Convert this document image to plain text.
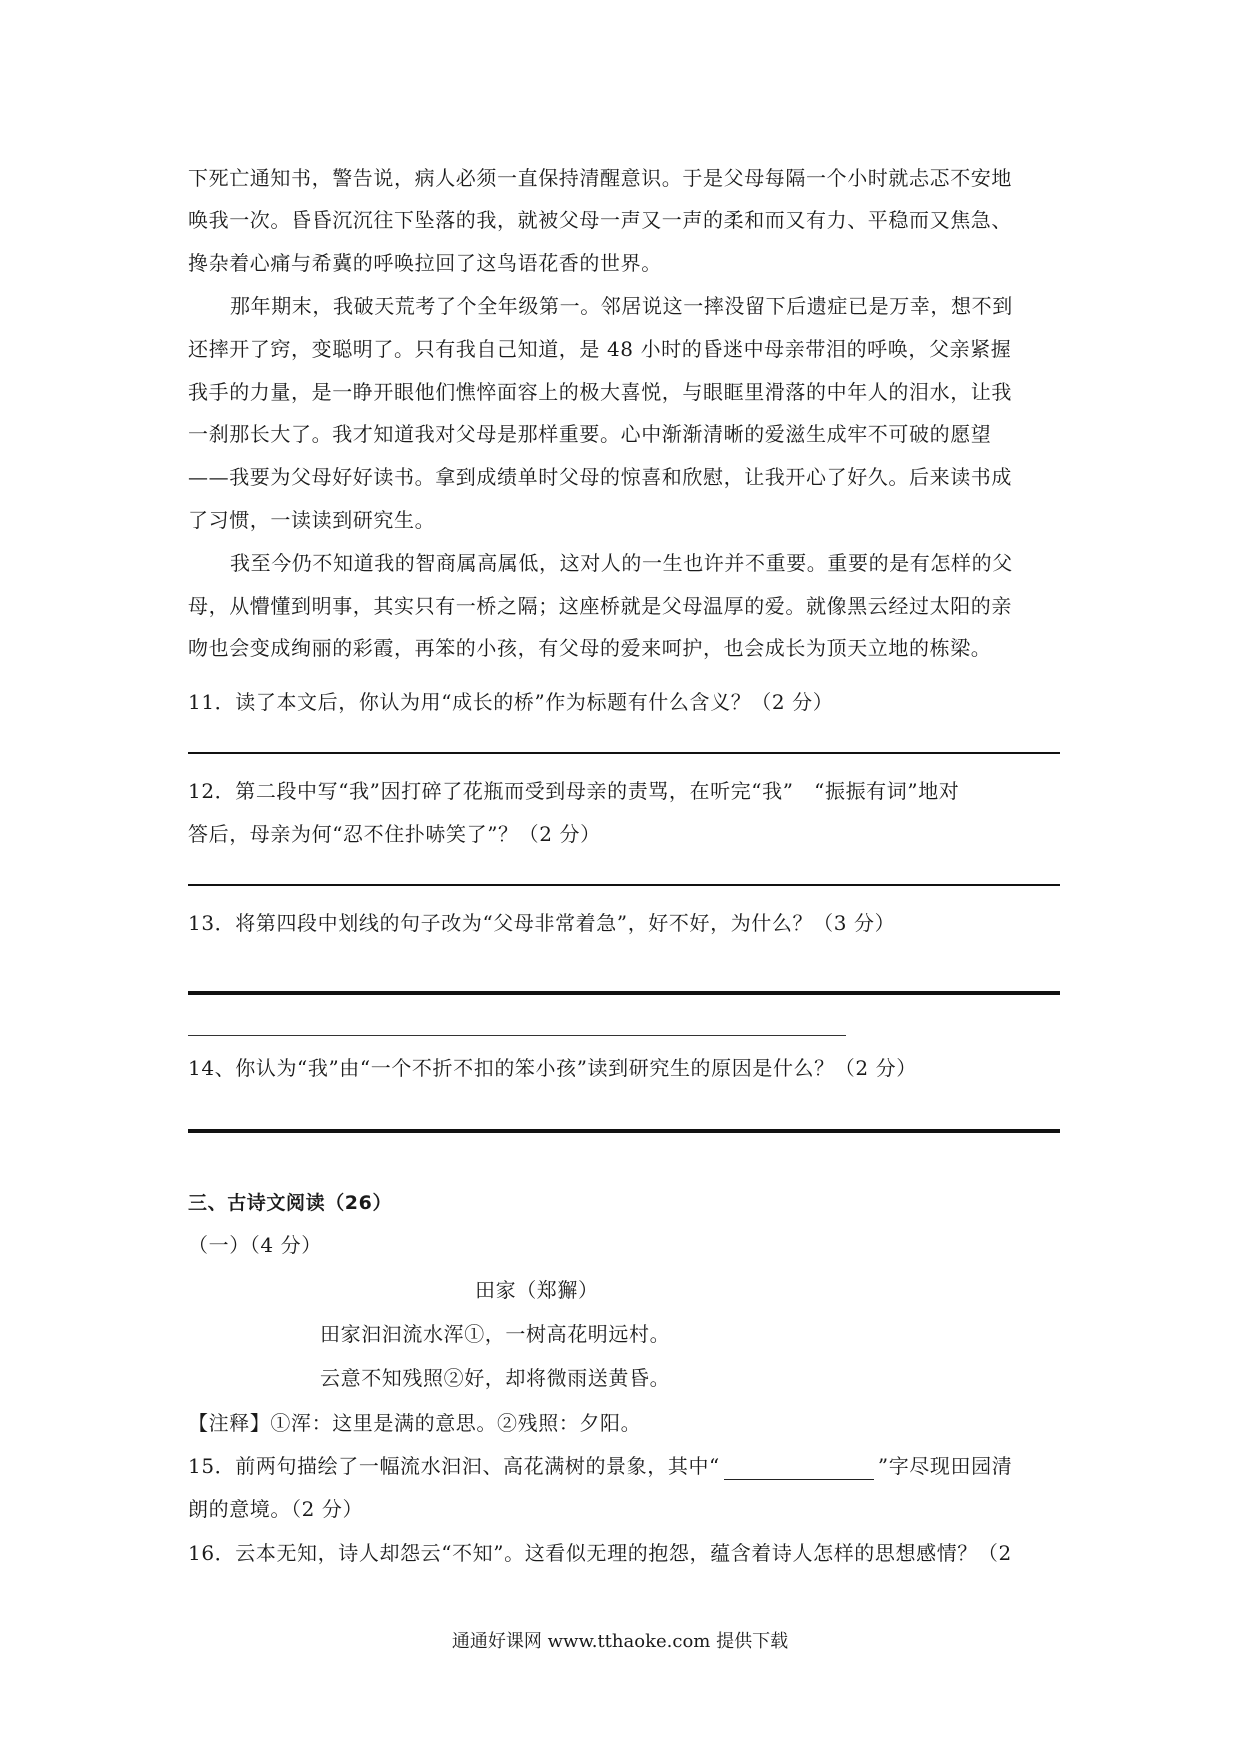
下死亡通知书，警告说，病人必须一直保持清醒意识。于是父母每隔一个小时就忐忑不安地
唤我一次。昏昏沉沉往下坠落的我，就被父母一声又一声的柔和而又有力、平稳而又焦急、
搀杂着心痛与希冀的呼唤拉回了这鸟语花香的世界。
那年期末，我破天荒考了个全年级第一。邻居说这一摔没留下后遗症已是万幸，想不到
还摔开了窍，变聪明了。只有我自己知道，是 48 小时的昏迷中母亲带泪的呼唤，父亲紧握
我手的力量，是一睁开眼他们憔悴面容上的极大喜悦，与眼眶里滑落的中年人的泪水，让我
一刹那长大了。我才知道我对父母是那样重要。心中渐渐清晰的爱滋生成牢不可破的愿望
——我要为父母好好读书。拿到成绩单时父母的惊喜和欣慰，让我开心了好久。后来读书成
了习惯，一读读到研究生。
我至今仍不知道我的智商属高属低，这对人的一生也许并不重要。重要的是有怎样的父
母，从懵懂到明事，其实只有一桥之隔；这座桥就是父母温厚的爱。就像黑云经过太阳的亲
吻也会变成绚丽的彩霞，再笨的小孩，有父母的爱来呵护，也会成长为顶天立地的栋梁。
11．读了本文后，你认为用“成长的桥”作为标题有什么含义？（2 分）
12．第二段中写“我”因打碎了花瓶而受到母亲的责骂，在听完“我”　“振振有词”地对
答后，母亲为何“忍不住扑哧笑了”？（2 分）
13．将第四段中划线的句子改为“父母非常着急”，好不好，为什么？（3 分）
14、你认为“我”由“一个不折不扣的笨小孩”读到研究生的原因是什么？（2 分）
三、古诗文阅读（26）
（一）（4 分）
田家（郑獬）
田家汩汩流水浑①，一树高花明远村。
云意不知残照②好，却将微雨送黄昏。
【注释】①浑：这里是满的意思。②残照：夕阳。
15．前两句描绘了一幅流水汩汩、高花满树的景象，其中“	”字尽现田园清
朗的意境。（2 分）
16．云本无知，诗人却怨云“不知”。这看似无理的抱怨，蕴含着诗人怎样的思想感情？（2
通通好课网 www.tthaoke.com 提供下载
